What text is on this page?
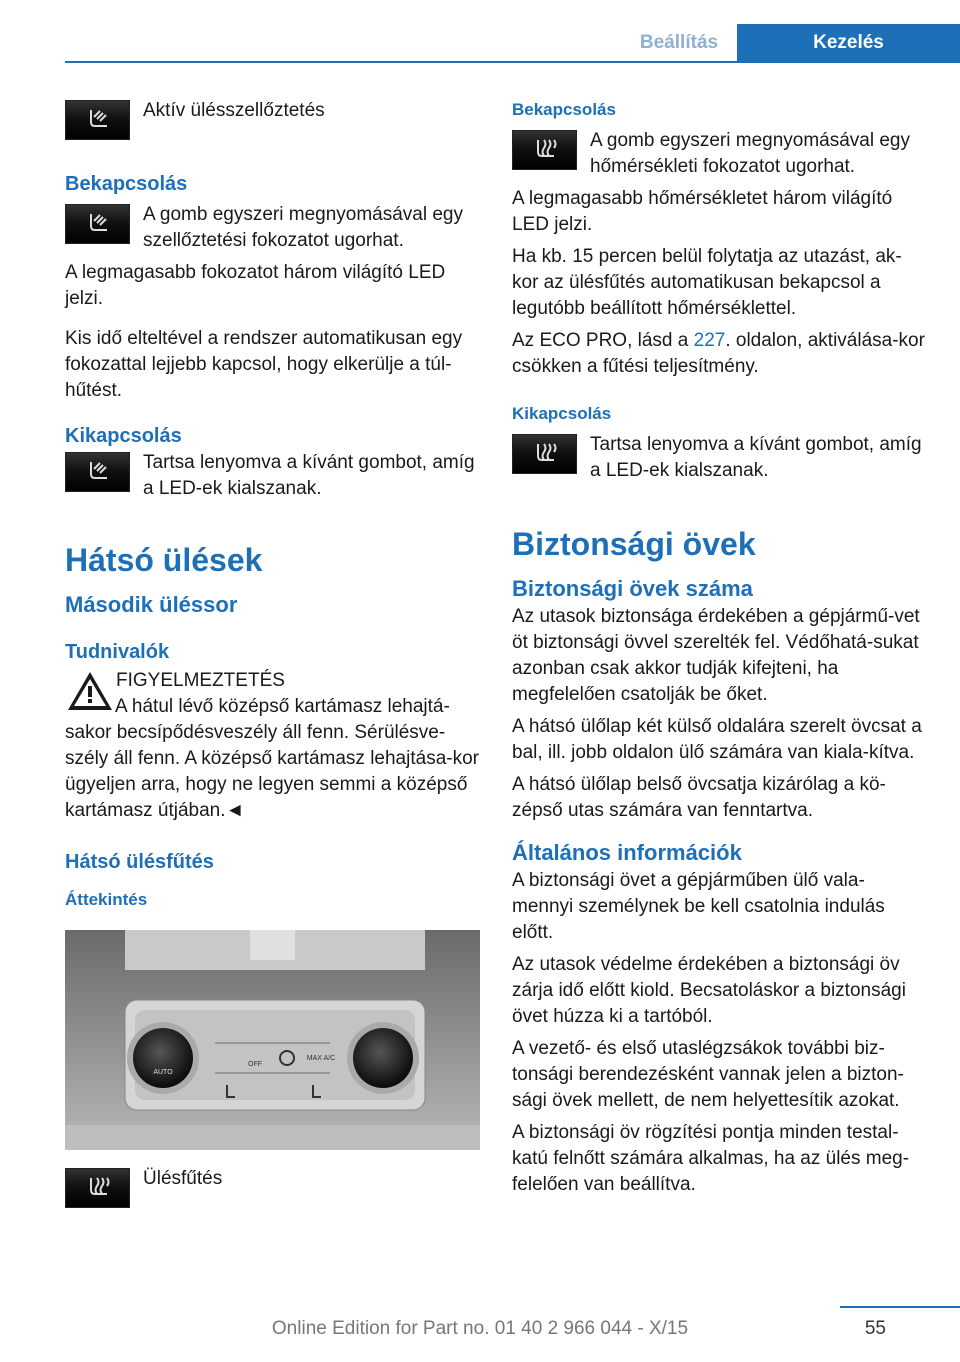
Beállítás	Kezelés

Aktív ülésszellőztetés

Bekapcsolás

A gomb egyszeri megnyomásával egy szellőztetési fokozatot ugorhat.

A legmagasabb fokozatot három világító LED jelzi.

Kis idő elteltével a rendszer automatikusan egy fokozattal lejjebb kapcsol, hogy elkerülje a túl-hűtést.

Kikapcsolás

Tartsa lenyomva a kívánt gombot, amíg a LED-ek kialszanak.

Hátsó ülések

Második üléssor

Tudnivalók

FIGYELMEZTETÉS

A hátul lévő középső kartámasz lehajtá-sakor becsípődésveszély áll fenn. Sérülésve-szély áll fenn. A középső kartámasz lehajtása-kor ügyeljen arra, hogy ne legyen semmi a középső kartámasz útjában.◄

Hátsó ülésfűtés

Áttekintés

AUTO
OFF
MAX A/C

Ülésfűtés

Bekapcsolás

A gomb egyszeri megnyomásával egy hőmérsékleti fokozatot ugorhat.

A legmagasabb hőmérsékletet három világító LED jelzi.

Ha kb. 15 percen belül folytatja az utazást, ak-kor az ülésfűtés automatikusan bekapcsol a legutóbb beállított hőmérséklettel.

Az ECO PRO, lásd a 227. oldalon, aktiválása-kor csökken a fűtési teljesítmény.

Kikapcsolás

Tartsa lenyomva a kívánt gombot, amíg a LED-ek kialszanak.

Biztonsági övek

Biztonsági övek száma

Az utasok biztonsága érdekében a gépjármű-vet öt biztonsági övvel szerelték fel. Védőhatá-sukat azonban csak akkor tudják kifejteni, ha megfelelően csatolják be őket.

A hátsó ülőlap két külső oldalára szerelt övcsat a bal, ill. jobb oldalon ülő számára van kiala-kítva.

A hátsó ülőlap belső övcsatja kizárólag a kö-zépső utas számára van fenntartva.

Általános információk

A biztonsági övet a gépjárműben ülő vala-mennyi személynek be kell csatolnia indulás előtt.

Az utasok védelme érdekében a biztonsági öv zárja idő előtt kiold. Becsatoláskor a biztonsági övet húzza ki a tartóból.

A vezető- és első utaslégzsákok további biz-tonsági berendezésként vannak jelen a bizton-sági övek mellett, de nem helyettesítik azokat.

A biztonsági öv rögzítési pontja minden testal-katú felnőtt számára alkalmas, ha az ülés meg-felelően van beállítva.

55
Online Edition for Part no. 01 40 2 966 044 - X/15
